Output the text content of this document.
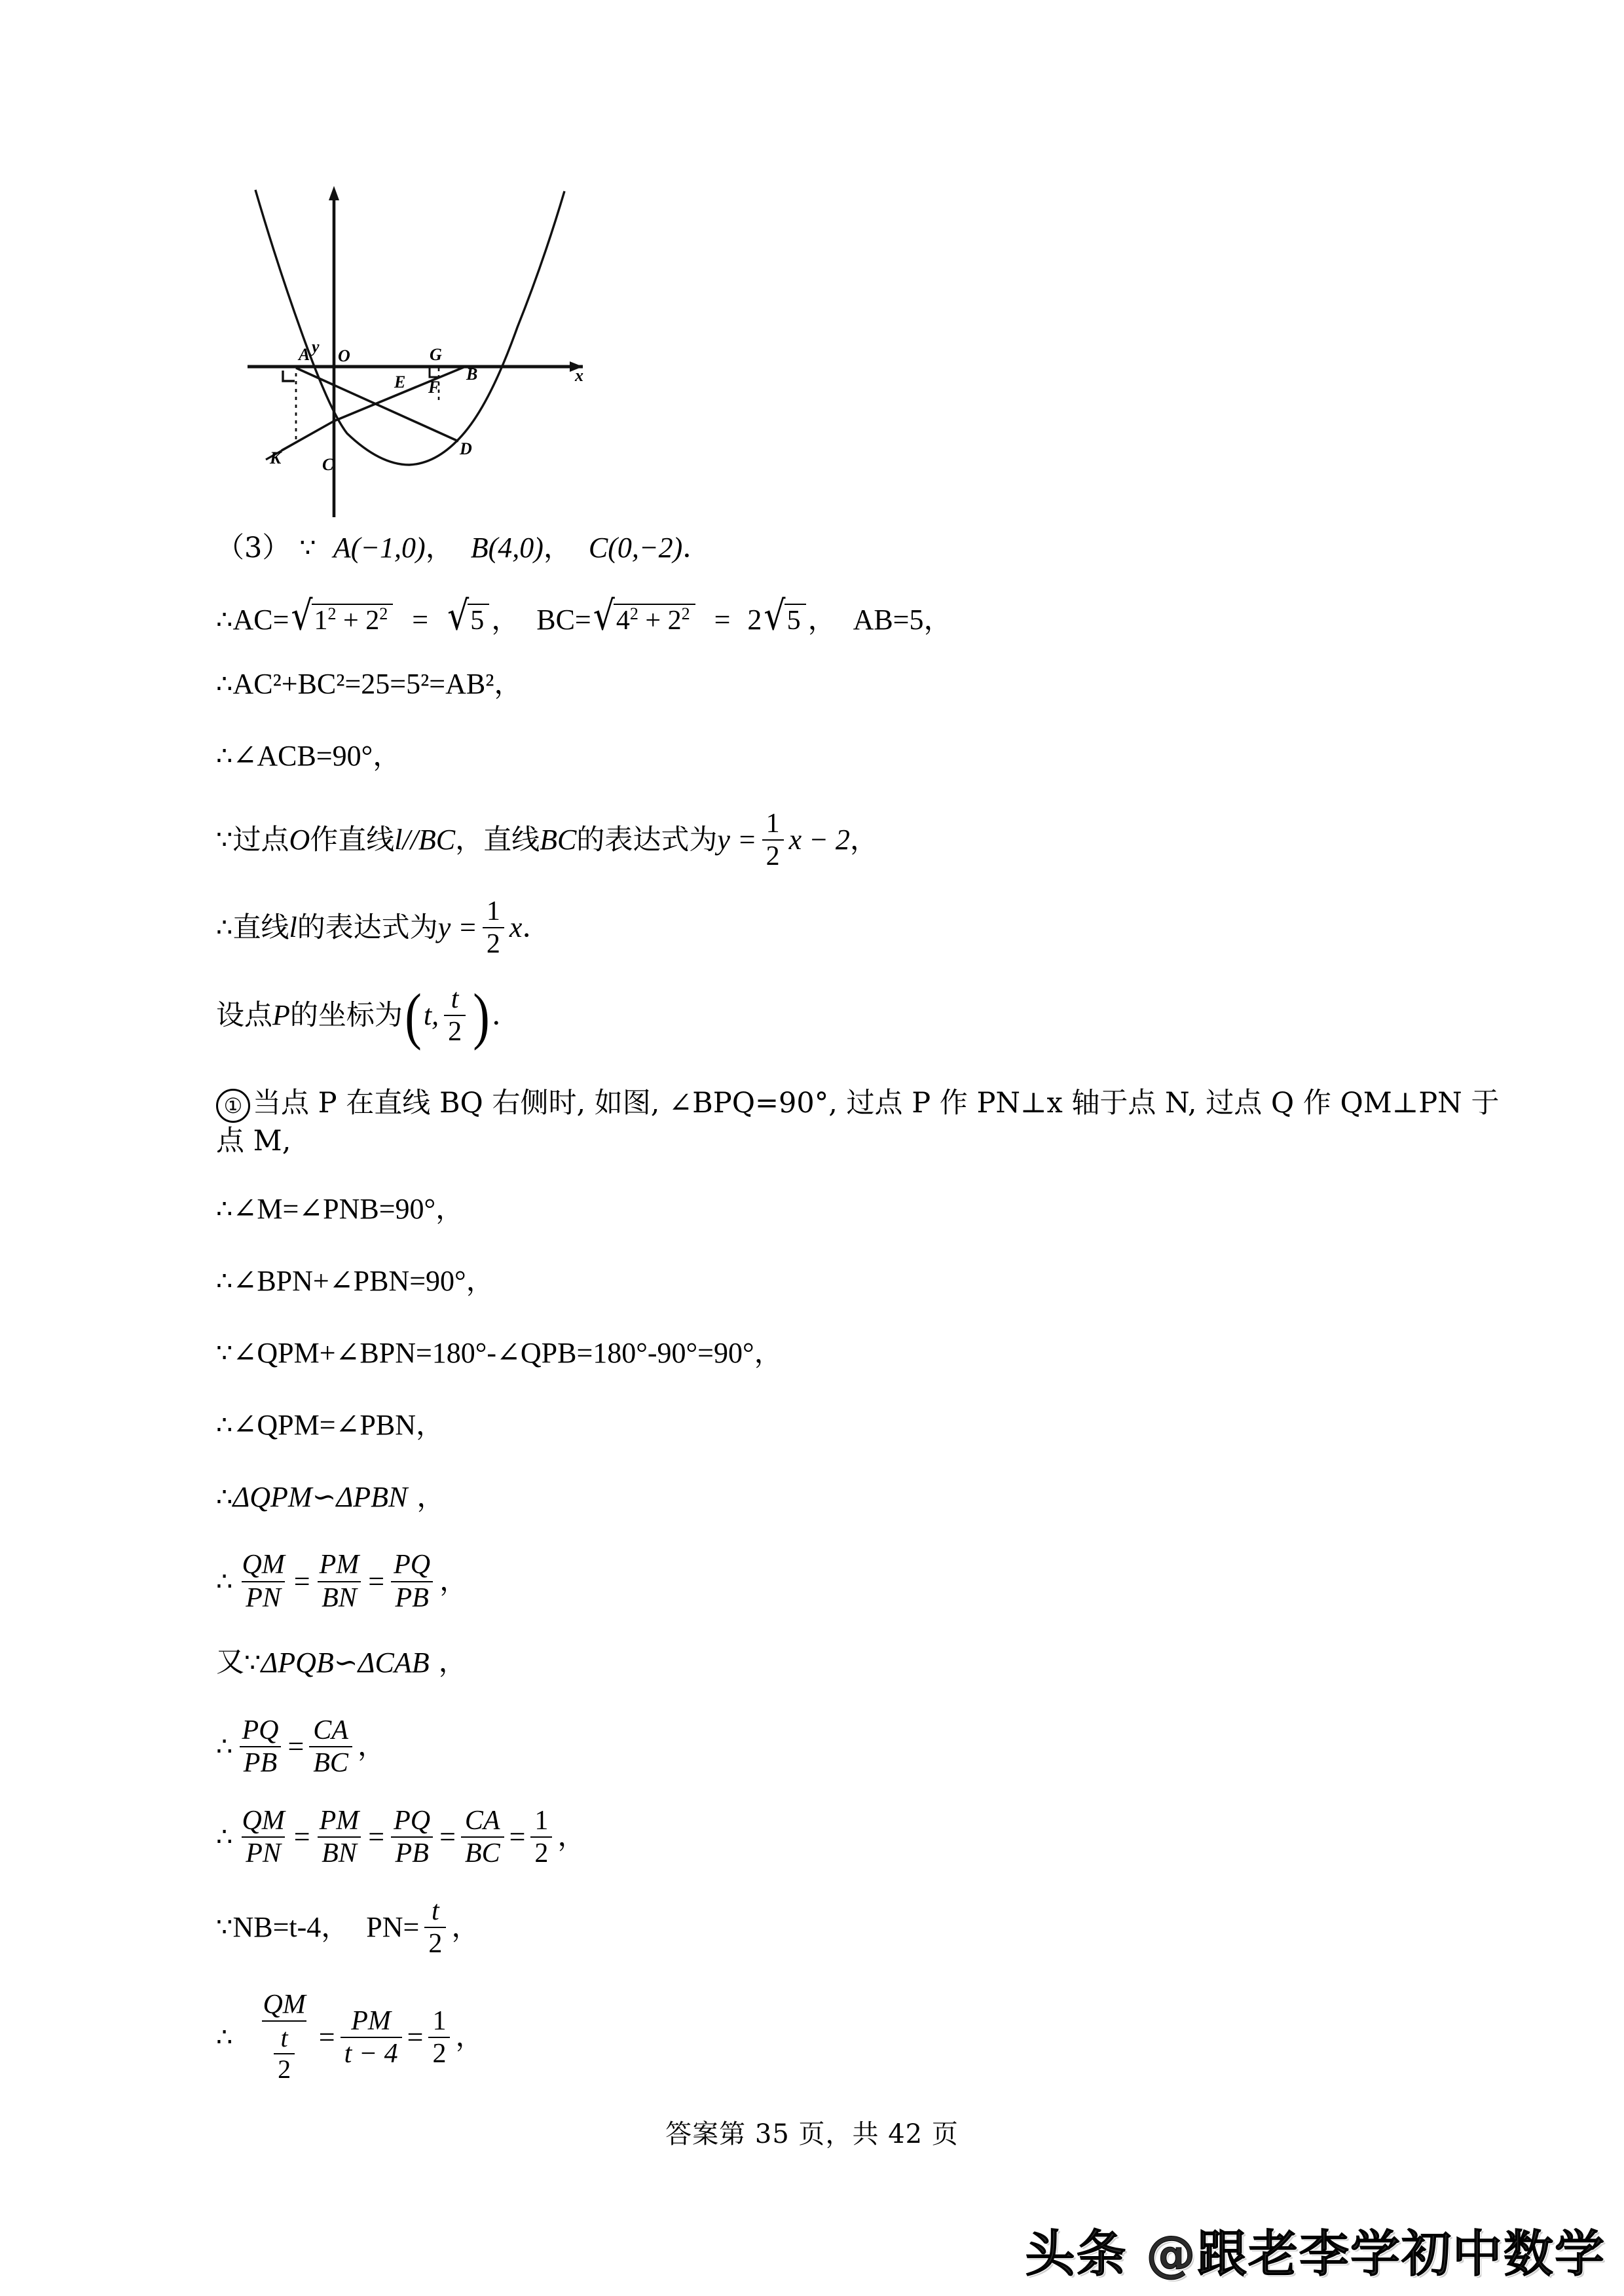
y
x
O
A	G
B
E F
D
K C
（3） ∵ A(−1,0) ， B(4,0) ， C(0,−2) ．
∴ AC= √ $1^2 + 2^2$ = √ 5 ， BC= √ $4^2 + 2^2 = 2$ √ 5 ， AB=5 ，
∴ AC²+BC²=25=5²=AB² ，
∴ ∠ACB=90° ，
∵ 过点 O 作直线 l//BC ， 直线 BC 的表达式为 $y = \frac{1}{2}$ x − 2 ，
∴ 直线 l 的表达式为 $y = \frac{1}{2}$ x ．
设点 P 的坐标为 ( t, $\frac{t}{2}$ ) ．
① 当点 P 在直线 BQ 右侧时, 如图, ∠BPQ=90°, 过点 P 作 PN⊥x 轴于点 N, 过点 Q 作 QM⊥PN 于点 M,
∴ ∠M=∠PNB=90° ，
∴ ∠BPN+∠PBN=90° ，
∵ ∠QPM+∠BPN=180°-∠QPB=180°-90°=90° ，
∴ ∠QPM=∠PBN ，
∴ ΔQPM∽ΔPBN ，
∴ $\frac{QM}{PN} = \frac{PM}{BN} = \frac{PQ}{PB}$ ，
又 ∵ ΔPQB∽ΔCAB ，
∴ $\frac{PQ}{PB} = \frac{CA}{BC}$ ，
∴ $\frac{QM}{PN} = \frac{PM}{BN} = \frac{PQ}{PB} = \frac{CA}{BC} = \frac{1}{2}$ ，
∵ NB=t-4 ， $PN= \frac{t}{2}$ ，
∴ $\frac{QM}{\frac{t}{2}} = \frac{PM}{t - 4} = \frac{1}{2}$ ，
答案第 35 页，共 42 页
头条 @跟老李学初中数学
